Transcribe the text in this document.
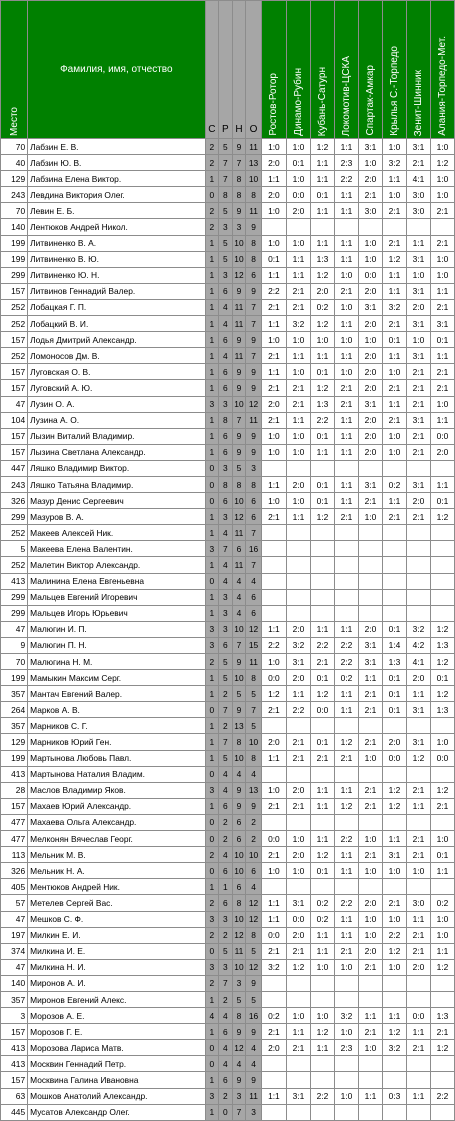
Место	Фамилия, имя, отчество	С	Р	Н	О	Ростов-Ротор	Динамо-Рубин	Кубань-Сатурн	Локомотив-ЦСКА	Спартак-Амкар	Крылья С.-Торпедо	Зенит-Шинник	Алания-Торпедо-Мет.
70	Лабзин Е. В.	2	5	9	11	1:0	1:0	1:2	1:1	3:1	1:0	3:1	1:0
40	Лабзин Ю. В.	2	7	7	13	2:0	0:1	1:1	2:3	1:0	3:2	2:1	1:2
129	Лабзина Елена Виктор.	1	7	8	10	1:1	1:0	1:1	2:2	2:0	1:1	4:1	1:0
243	Левдина Виктория Олег.	0	8	8	8	2:0	0:0	0:1	1:1	2:1	1:0	3:0	1:0
70	Левин Е. Б.	2	5	9	11	1:0	2:0	1:1	1:1	3:0	2:1	3:0	2:1
140	Лентюков Андрей Никол.	2	3	3	9								
199	Литвиненко В. А.	1	5	10	8	1:0	1:0	1:1	1:1	1:0	2:1	1:1	2:1
199	Литвиненко В. Ю.	1	5	10	8	0:1	1:1	1:3	1:1	1:0	1:2	3:1	1:0
299	Литвиненко Ю. Н.	1	3	12	6	1:1	1:1	1:2	1:0	0:0	1:1	1:0	1:0
157	Литвинов Геннадий Валер.	1	6	9	9	2:2	2:1	2:0	2:1	2:0	1:1	3:1	1:1
252	Лобацкая Г. П.	1	4	11	7	2:1	2:1	0:2	1:0	3:1	3:2	2:0	2:1
252	Лобацкий В. И.	1	4	11	7	1:1	3:2	1:2	1:1	2:0	2:1	3:1	3:1
157	Лодья Дмитрий Александр.	1	6	9	9	1:0	1:0	1:0	1:0	1:0	0:1	1:0	0:1
252	Ломоносов Дм. В.	1	4	11	7	2:1	1:1	1:1	1:1	2:0	1:1	3:1	1:1
157	Луговская О. В.	1	6	9	9	1:1	1:0	0:1	1:0	2:0	1:0	2:1	2:1
157	Луговский А. Ю.	1	6	9	9	2:1	2:1	1:2	2:1	2:0	2:1	2:1	2:1
47	Лузин О. А.	3	3	10	12	2:0	2:1	1:3	2:1	3:1	1:1	2:1	1:0
104	Лузина А. О.	1	8	7	11	2:1	1:1	2:2	1:1	2:0	2:1	3:1	1:1
157	Лызин Виталий Владимир.	1	6	9	9	1:0	1:0	0:1	1:1	2:0	1:0	2:1	0:0
157	Лызина Светлана Александр.	1	6	9	9	1:0	1:0	1:1	1:1	2:0	1:0	2:1	2:0
447	Ляшко Владимир Виктор.	0	3	5	3								
243	Ляшко Татьяна Владимир.	0	8	8	8	1:1	2:0	0:1	1:1	3:1	0:2	3:1	1:1
326	Мазур Денис Сергеевич	0	6	10	6	1:0	1:0	0:1	1:1	2:1	1:1	2:0	0:1
299	Мазуров В. А.	1	3	12	6	2:1	1:1	1:2	2:1	1:0	2:1	2:1	1:2
252	Макеев Алексей Ник.	1	4	11	7								
5	Макеева Елена Валентин.	3	7	6	16								
252	Малетин Виктор Александр.	1	4	11	7								
413	Малинина Елена Евгеньевна	0	4	4	4								
299	Мальцев Евгений Игоревич	1	3	4	6								
299	Мальцев Игорь Юрьевич	1	3	4	6								
47	Малюгин И. П.	3	3	10	12	1:1	2:0	1:1	1:1	2:0	0:1	3:2	1:2
9	Малюгин П. Н.	3	6	7	15	2:2	3:2	2:2	2:2	3:1	1:4	4:2	1:3
70	Малюгина Н. М.	2	5	9	11	1:0	3:1	2:1	2:2	3:1	1:3	4:1	1:2
199	Мамыкин Максим Серг.	1	5	10	8	0:0	2:0	0:1	0:2	1:1	0:1	2:0	0:1
357	Мантач Евгений Валер.	1	2	5	5	1:2	1:1	1:2	1:1	2:1	0:1	1:1	1:2
264	Марков А. В.	0	7	9	7	2:1	2:2	0:0	1:1	2:1	0:1	3:1	1:3
357	Марников С. Г.	1	2	13	5								
129	Марников Юрий Ген.	1	7	8	10	2:0	2:1	0:1	1:2	2:1	2:0	3:1	1:0
199	Мартынова Любовь Павл.	1	5	10	8	1:1	2:1	2:1	2:1	1:0	0:0	1:2	0:0
413	Мартынова Наталия Владим.	0	4	4	4								
28	Маслов Владимир Яков.	3	4	9	13	1:0	2:0	1:1	1:1	2:1	1:2	2:1	1:2
157	Махаев Юрий Александр.	1	6	9	9	2:1	2:1	1:1	1:2	2:1	1:2	1:1	2:1
477	Махаева Ольга Александр.	0	2	6	2								
477	Мелконян Вячеслав Георг.	0	2	6	2	0:0	1:0	1:1	2:2	1:0	1:1	2:1	1:0
113	Мельник М. В.	2	4	10	10	2:1	2:0	1:2	1:1	2:1	3:1	2:1	0:1
326	Мельник Н. А.	0	6	10	6	1:0	1:0	0:1	1:1	1:0	1:0	1:0	1:1
405	Ментюков Андрей Ник.	1	1	6	4								
57	Метелев Сергей Вас.	2	6	8	12	1:1	3:1	0:2	2:2	2:0	2:1	3:0	0:2
47	Мешков С. Ф.	3	3	10	12	1:1	0:0	0:2	1:1	1:0	1:0	1:1	1:0
197	Милкин Е. И.	2	2	12	8	0:0	2:0	1:1	1:1	1:0	2:2	2:1	1:0
374	Милкина И. Е.	0	5	11	5	2:1	2:1	1:1	2:1	2:0	1:2	2:1	1:1
47	Милкина Н. И.	3	3	10	12	3:2	1:2	1:0	1:0	2:1	1:0	2:0	1:2
140	Миронов А. И.	2	7	3	9								
357	Миронов Евгений Алекс.	1	2	5	5								
3	Морозов А. Е.	4	4	8	16	0:2	1:0	1:0	3:2	1:1	1:1	0:0	1:3
157	Морозов Г. Е.	1	6	9	9	2:1	1:1	1:2	1:0	2:1	1:2	1:1	2:1
413	Морозова Лариса Матв.	0	4	12	4	2:0	2:1	1:1	2:3	1:0	3:2	2:1	1:2
413	Москвин Геннадий Петр.	0	4	4	4								
157	Москвина Галина Ивановна	1	6	9	9								
63	Мошков Анатолий Александр.	3	2	3	11	1:1	3:1	2:2	1:0	1:1	0:3	1:1	2:2
445	Мусатов Александр Олег.	1	0	7	3								
